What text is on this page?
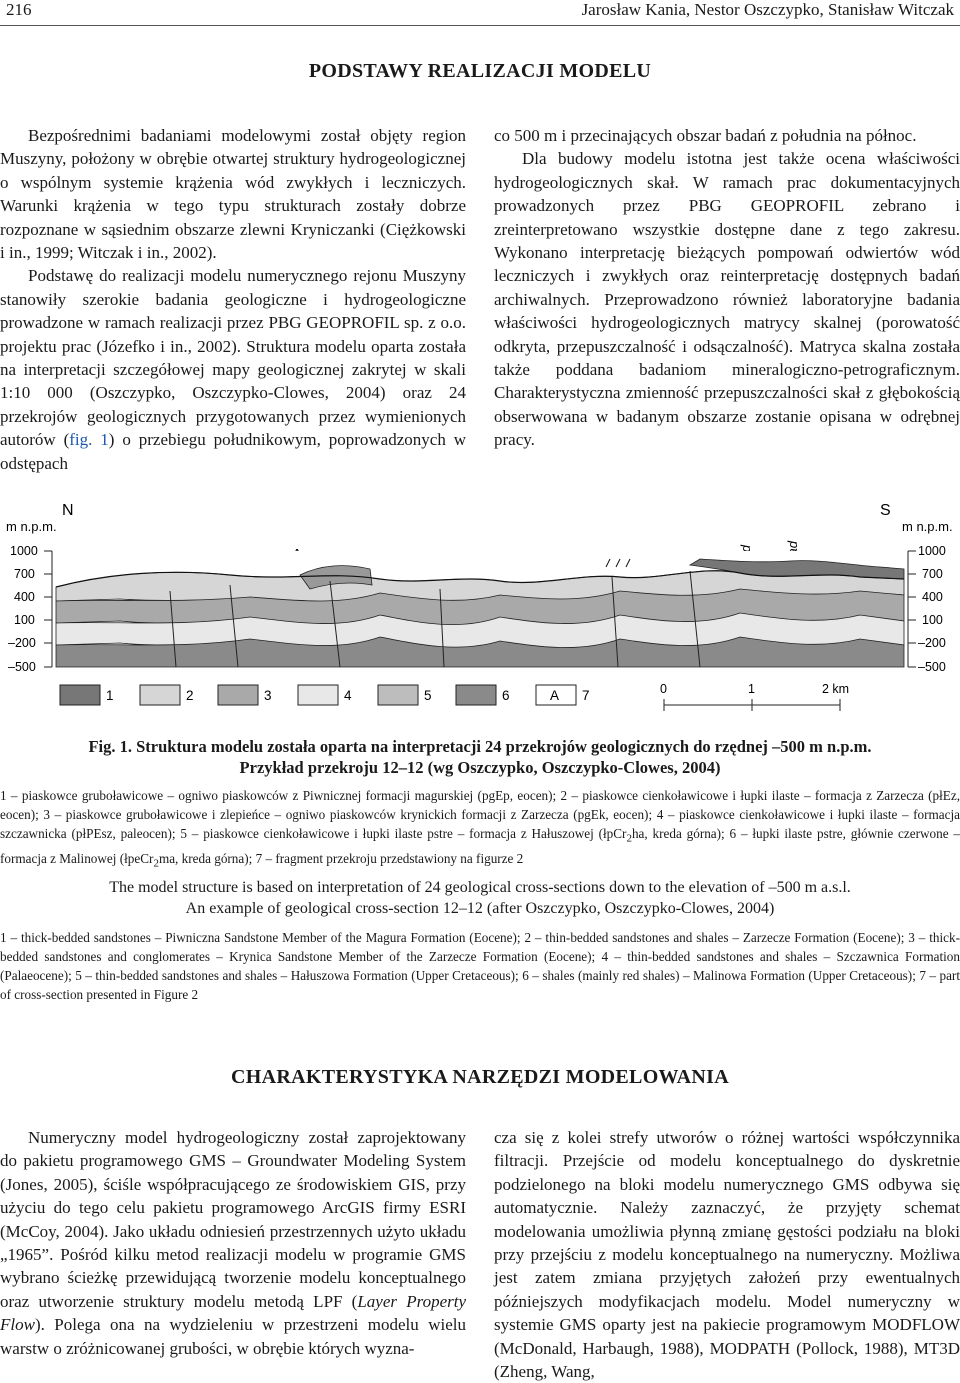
216	Jarosław Kania, Nestor Oszczypko, Stanisław Witczak
PODSTAWY REALIZACJI MODELU

Bezpośrednimi badaniami modelowymi został objęty region Muszyny, położony w obrębie otwartej struktury hydrogeologicznej o wspólnym systemie krążenia wód zwykłych i leczniczych. Warunki krążenia w tego typu strukturach zostały dobrze rozpoznane w sąsiednim obszarze zlewni Kryniczanki (Ciężkowski i in., 1999; Witczak i in., 2002).

Podstawę do realizacji modelu numerycznego rejonu Muszyny stanowiły szerokie badania geologiczne i hydrogeologiczne prowadzone w ramach realizacji przez PBG GEOPROFIL sp. z o.o. projektu prac (Józefko i in., 2002). Struktura modelu oparta została na interpretacji szczegółowej mapy geologicznej zakrytej w skali 1:10 000 (Oszczypko, Oszczypko-Clowes, 2004) oraz 24 przekrojów geologicznych przygotowanych przez wymienionych autorów (fig. 1) o przebiegu południkowym, poprowadzonych w odstępach

co 500 m i przecinających obszar badań z południa na północ.

Dla budowy modelu istotna jest także ocena właściwości hydrogeologicznych skał. W ramach prac dokumentacyjnych prowadzonych przez PBG GEOPROFIL zebrano i zreinterpretowano wszystkie dostępne dane z tego zakresu. Wykonano interpretację bieżących pompowań odwiertów wód leczniczych i zwykłych oraz reinterpretację dostępnych badań archiwalnych. Przeprowadzono również laboratoryjne badania właściwości hydrogeologicznych matrycy skalnej (porowatość odkryta, przepuszczalność i odsączalność). Matryca skalna została także poddana badaniom mineralogiczno-petrograficznym. Charakterystyczna zmienność przepuszczalności skał z głębokością obserwowana w badanym obszarze zostanie opisana w odrębnej pracy.

m n.p.m.
N	S
m n.p.m.
1000
700
400
100
–200
–500
1000
700
400
100
–200
–500
1	2	3	4	5	6	A 7	0	1	2 km
Fig. 1. Struktura modelu została oparta na interpretacji 24 przekrojów geologicznych do rzędnej –500 m n.p.m.
Przykład przekroju 12–12 (wg Oszczypko, Oszczypko-Clowes, 2004)
1 – piaskowce gruboławicowe – ogniwo piaskowców z Piwnicznej formacji magurskiej (pgEp, eocen); 2 – piaskowce cienkoławicowe i łupki ilaste – formacja z Zarzecza (płEz, eocen); 3 – piaskowce gruboławicowe i zlepieńce – ogniwo piaskowców krynickich formacji z Zarzecza (pgEk, eocen); 4 – piaskowce cienkoławicowe i łupki ilaste – formacja szczawnicka (płPEsz, paleocen); 5 – piaskowce cienkoławicowe i łupki ilaste pstre – formacja z Hałuszowej (łpCr$_2$ha, kreda górna); 6 – łupki ilaste pstre, głównie czerwone – formacja z Malinowej (łpeCr$_2$ma, kreda górna); 7 – fragment przekroju przedstawiony na figurze 2
The model structure is based on interpretation of 24 geological cross-sections down to the elevation of –500 m a.s.l.
An example of geological cross-section 12–12 (after Oszczypko, Oszczypko-Clowes, 2004)
1 – thick-bedded sandstones – Piwniczna Sandstone Member of the Magura Formation (Eocene); 2 – thin-bedded sandstones and shales – Zarzecze Formation (Eocene); 3 – thick-bedded sandstones and conglomerates – Krynica Sandstone Member of the Zarzecze Formation (Eocene); 4 – thin-bedded sandstones and shales – Szczawnica Formation (Palaeocene); 5 – thin-bedded sandstones and shales – Hałuszowa Formation (Upper Cretaceous); 6 – shales (mainly red shales) – Malinowa Formation (Upper Cretaceous); 7 – part of cross-section presented in Figure 2
CHARAKTERYSTYKA NARZĘDZI MODELOWANIA

Numeryczny model hydrogeologiczny został zaprojektowany do pakietu programowego GMS – Groundwater Modeling System (Jones, 2005), ściśle współpracującego ze środowiskiem GIS, przy użyciu do tego celu pakietu programowego ArcGIS firmy ESRI (McCoy, 2004). Jako układu odniesień przestrzennych użyto układu „1965”. Pośród kilku metod realizacji modelu w programie GMS wybrano ścieżkę przewidującą tworzenie modelu konceptualnego oraz utworzenie struktury modelu metodą LPF (Layer Property Flow). Polega ona na wydzieleniu w przestrzeni modelu wielu warstw o zróżnicowanej grubości, w obrębie których wyzna-

cza się z kolei strefy utworów o różnej wartości współczynnika filtracji. Przejście od modelu konceptualnego do dyskretnie podzielonego na bloki modelu numerycznego GMS odbywa się automatycznie. Należy zaznaczyć, że przyjęty schemat modelowania umożliwia płynną zmianę gęstości podziału na bloki przy przejściu z modelu konceptualnego na numeryczny. Możliwa jest zatem zmiana przyjętych założeń przy ewentualnych późniejszych modyfikacjach modelu. Model numeryczny w systemie GMS oparty jest na pakiecie programowym MODFLOW (McDonald, Harbaugh, 1988), MODPATH (Pollock, 1988), MT3D (Zheng, Wang,
